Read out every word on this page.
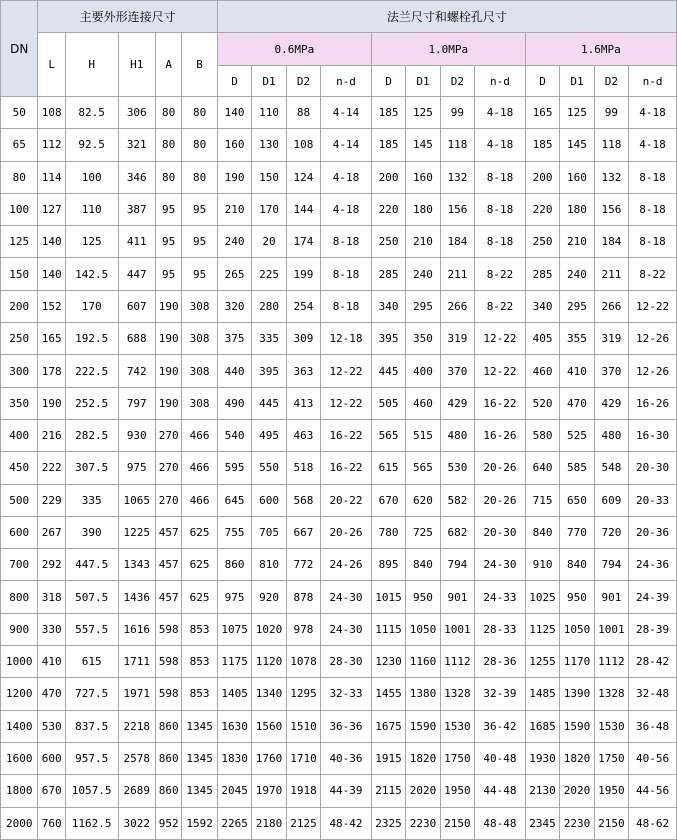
DN	主要外形连接尺寸					法兰尺寸和螺栓孔尺寸											
	L	H	H1	A	B	0.6MPa				1.0MPa				1.6MPa			
						D	D1	D2	n-d	D	D1	D2	n-d	D	D1	D2	n-d
50	108	82.5	306	80	80	140	110	88	4-14	185	125	99	4-18	165	125	99	4-18
65	112	92.5	321	80	80	160	130	108	4-14	185	145	118	4-18	185	145	118	4-18
80	114	100	346	80	80	190	150	124	4-18	200	160	132	8-18	200	160	132	8-18
100	127	110	387	95	95	210	170	144	4-18	220	180	156	8-18	220	180	156	8-18
125	140	125	411	95	95	240	20	174	8-18	250	210	184	8-18	250	210	184	8-18
150	140	142.5	447	95	95	265	225	199	8-18	285	240	211	8-22	285	240	211	8-22
200	152	170	607	190	308	320	280	254	8-18	340	295	266	8-22	340	295	266	12-22
250	165	192.5	688	190	308	375	335	309	12-18	395	350	319	12-22	405	355	319	12-26
300	178	222.5	742	190	308	440	395	363	12-22	445	400	370	12-22	460	410	370	12-26
350	190	252.5	797	190	308	490	445	413	12-22	505	460	429	16-22	520	470	429	16-26
400	216	282.5	930	270	466	540	495	463	16-22	565	515	480	16-26	580	525	480	16-30
450	222	307.5	975	270	466	595	550	518	16-22	615	565	530	20-26	640	585	548	20-30
500	229	335	1065	270	466	645	600	568	20-22	670	620	582	20-26	715	650	609	20-33
600	267	390	1225	457	625	755	705	667	20-26	780	725	682	20-30	840	770	720	20-36
700	292	447.5	1343	457	625	860	810	772	24-26	895	840	794	24-30	910	840	794	24-36
800	318	507.5	1436	457	625	975	920	878	24-30	1015	950	901	24-33	1025	950	901	24-39
900	330	557.5	1616	598	853	1075	1020	978	24-30	1115	1050	1001	28-33	1125	1050	1001	28-39
1000	410	615	1711	598	853	1175	1120	1078	28-30	1230	1160	1112	28-36	1255	1170	1112	28-42
1200	470	727.5	1971	598	853	1405	1340	1295	32-33	1455	1380	1328	32-39	1485	1390	1328	32-48
1400	530	837.5	2218	860	1345	1630	1560	1510	36-36	1675	1590	1530	36-42	1685	1590	1530	36-48
1600	600	957.5	2578	860	1345	1830	1760	1710	40-36	1915	1820	1750	40-48	1930	1820	1750	40-56
1800	670	1057.5	2689	860	1345	2045	1970	1918	44-39	2115	2020	1950	44-48	2130	2020	1950	44-56
2000	760	1162.5	3022	952	1592	2265	2180	2125	48-42	2325	2230	2150	48-48	2345	2230	2150	48-62
